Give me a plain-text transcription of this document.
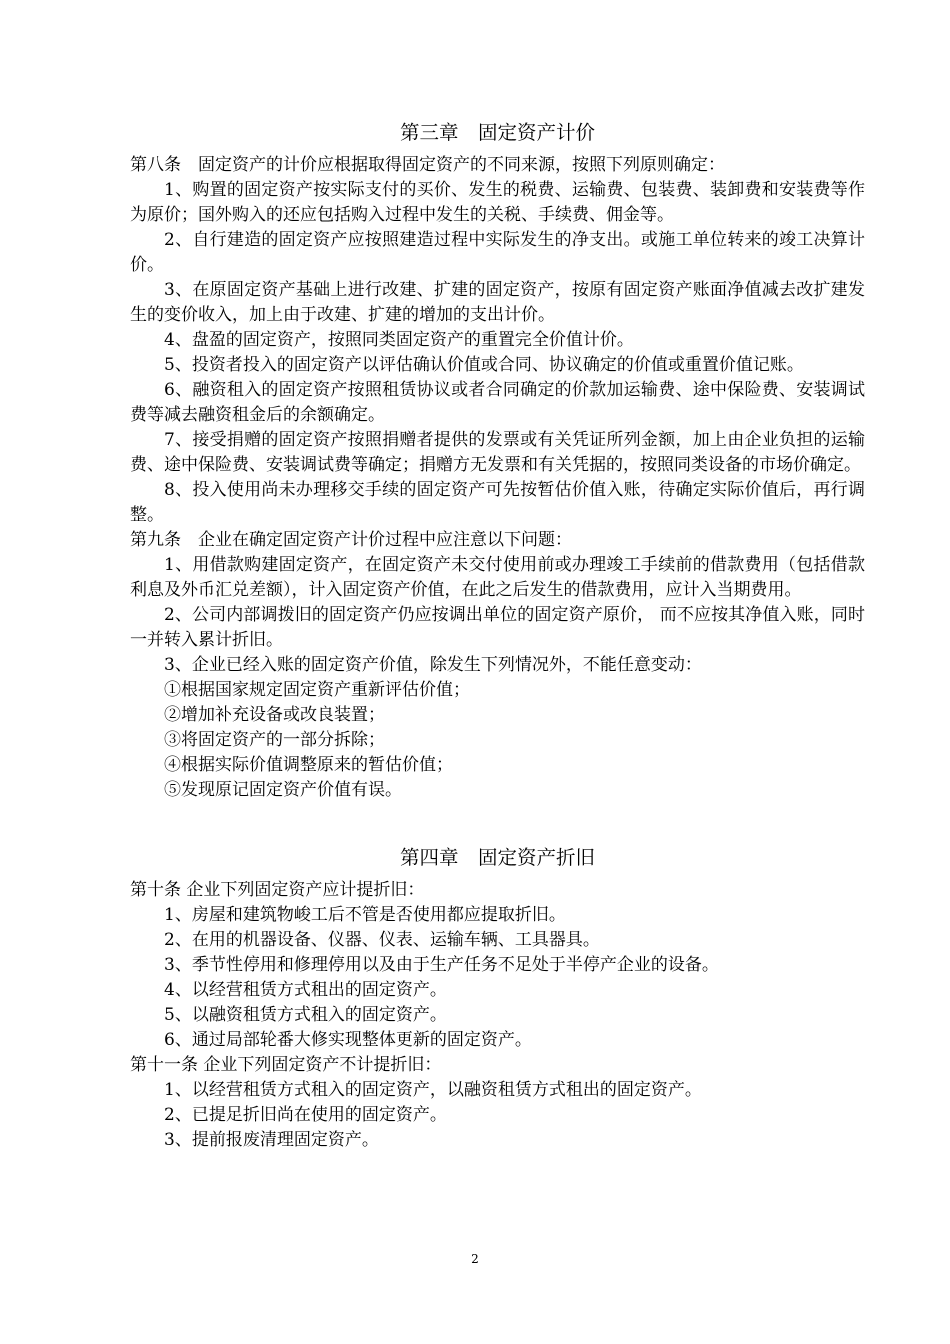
第三章　固定资产计价

第八条　固定资产的计价应根据取得固定资产的不同来源，按照下列原则确定：

1、购置的固定资产按实际支付的买价、发生的税费、运输费、包装费、装卸费和安装费等作为原价；国外购入的还应包括购入过程中发生的关税、手续费、佣金等。

2、自行建造的固定资产应按照建造过程中实际发生的净支出。或施工单位转来的竣工决算计价。

3、在原固定资产基础上进行改建、扩建的固定资产，按原有固定资产账面净值减去改扩建发生的变价收入，加上由于改建、扩建的增加的支出计价。

4、盘盈的固定资产，按照同类固定资产的重置完全价值计价。

5、投资者投入的固定资产以评估确认价值或合同、协议确定的价值或重置价值记账。

6、融资租入的固定资产按照租赁协议或者合同确定的价款加运输费、途中保险费、安装调试费等减去融资租金后的余额确定。

7、接受捐赠的固定资产按照捐赠者提供的发票或有关凭证所列金额，加上由企业负担的运输费、途中保险费、安装调试费等确定；捐赠方无发票和有关凭据的，按照同类设备的市场价确定。

8、投入使用尚未办理移交手续的固定资产可先按暂估价值入账，待确定实际价值后，再行调整。

第九条　企业在确定固定资产计价过程中应注意以下问题：

1、用借款购建固定资产，在固定资产未交付使用前或办理竣工手续前的借款费用（包括借款利息及外币汇兑差额），计入固定资产价值，在此之后发生的借款费用，应计入当期费用。

2、公司内部调拨旧的固定资产仍应按调出单位的固定资产原价， 而不应按其净值入账，同时一并转入累计折旧。

3、企业已经入账的固定资产价值，除发生下列情况外，不能任意变动：

①根据国家规定固定资产重新评估价值；

②增加补充设备或改良装置；

③将固定资产的一部分拆除；

④根据实际价值调整原来的暂估价值；

⑤发现原记固定资产价值有误。

第四章　固定资产折旧

第十条 企业下列固定资产应计提折旧：

1、房屋和建筑物峻工后不管是否使用都应提取折旧。

2、在用的机器设备、仪器、仪表、运输车辆、工具器具。

3、季节性停用和修理停用以及由于生产任务不足处于半停产企业的设备。

4、以经营租赁方式租出的固定资产。

5、以融资租赁方式租入的固定资产。

6、通过局部轮番大修实现整体更新的固定资产。

第十一条 企业下列固定资产不计提折旧：

1、以经营租赁方式租入的固定资产，以融资租赁方式租出的固定资产。

2、已提足折旧尚在使用的固定资产。

3、提前报废清理固定资产。

2
